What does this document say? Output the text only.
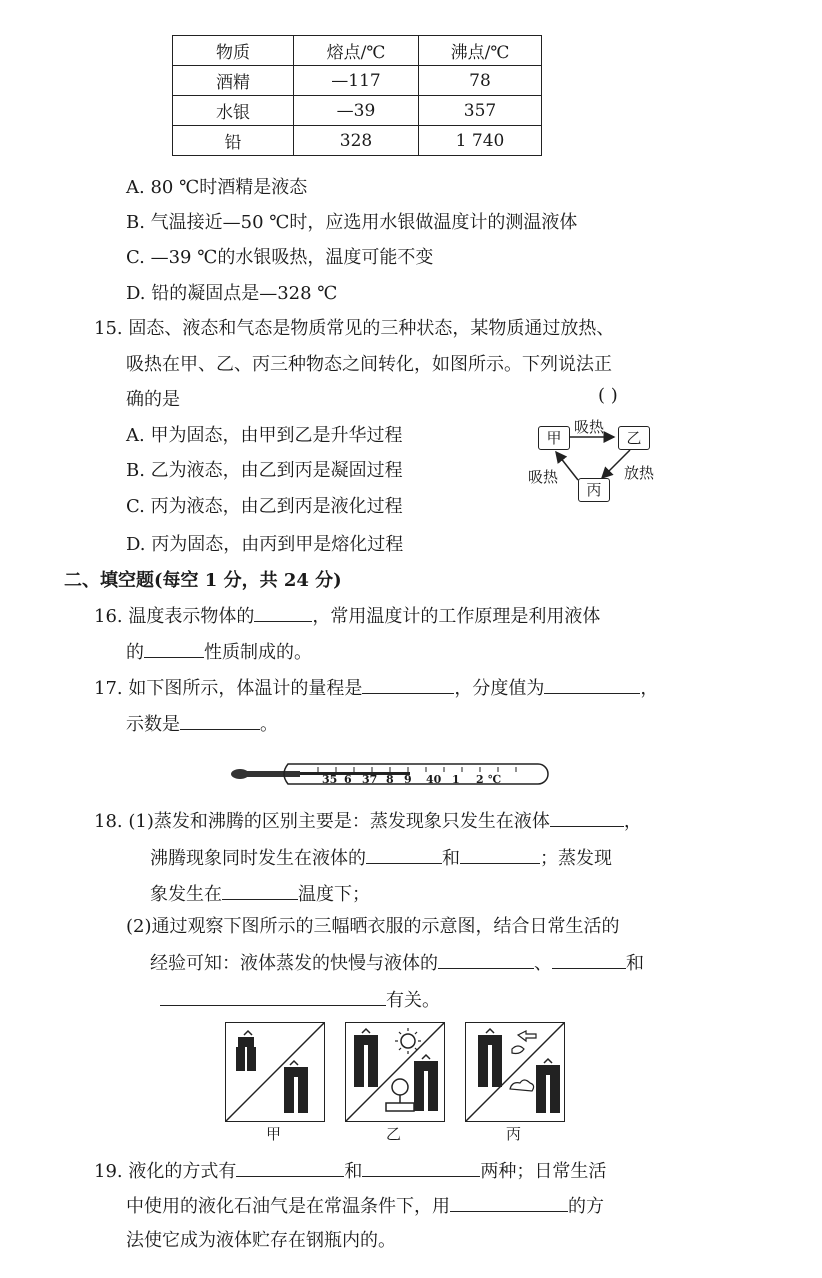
物质	熔点/℃	沸点/℃
酒精	—117	78
水银	—39	357
铅	328	1 740
A. 80 ℃时酒精是液态
B. 气温接近—50 ℃时，应选用水银做温度计的测温液体
C. —39 ℃的水银吸热，温度可能不变
D. 铅的凝固点是—328 ℃
15. 固态、液态和气态是物质常见的三种状态，某物质通过放热、
吸热在甲、乙、丙三种物态之间转化，如图所示。下列说法正
确的是	( )
A. 甲为固态，由甲到乙是升华过程
B. 乙为液态，由乙到丙是凝固过程
C. 丙为液态，由乙到丙是液化过程
D. 丙为固态，由丙到甲是熔化过程
甲	乙
丙
吸热
吸热	放热
二、填空题(每空 1 分，共 24 分)
16. 温度表示物体的	，常用温度计的工作原理是利用液体
的	性质制成的。
17. 如下图所示，体温计的量程是	，分度值为	，
示数是	。
35 6 37 8 9 40 1 2 ℃
18. (1)蒸发和沸腾的区别主要是：蒸发现象只发生在液体	，
沸腾现象同时发生在液体的	和	；蒸发现
象发生在	温度下；
(2)通过观察下图所示的三幅晒衣服的示意图，结合日常生活的
经验可知：液体蒸发的快慢与液体的	、	和
有关。
甲	乙	丙
19. 液化的方式有	和	两种；日常生活
中使用的液化石油气是在常温条件下，用	的方
法使它成为液体贮存在钢瓶内的。
